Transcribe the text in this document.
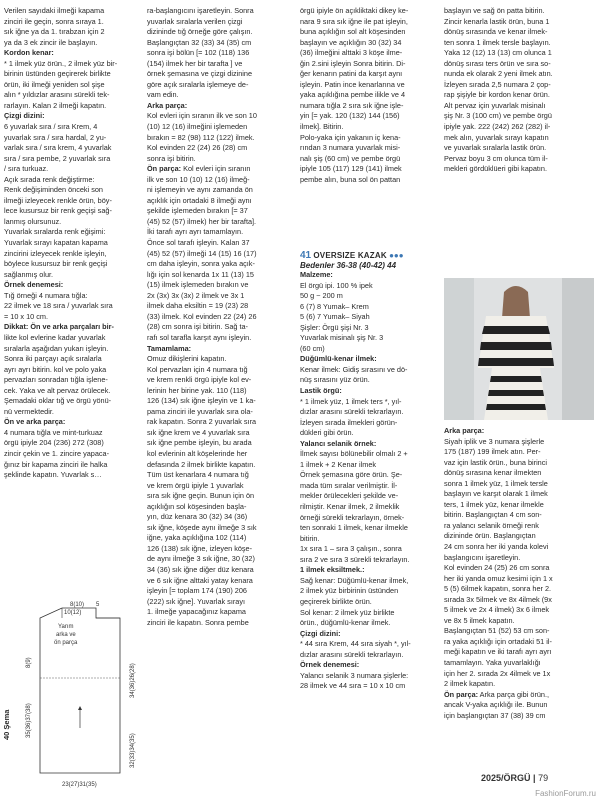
Verilen sayıdaki ilmeği kapama

zinciri ile geçin, sonra sıraya 1.

sık iğne ya da 1. tırabzan için 2

ya da 3 ek zincir ile başlayın.

Kordon kenar:

* 1 ilmek yüz örün., 2 ilmek yüz bir-

birinin üstünden geçirerek birlikte

örün, iki ilmeği yeniden sol şişe

alın * yıldızlar arasını sürekli tek-

rarlayın. Kalan 2 ilmeği kapatın.

Çizgi dizini:

6 yuvarlak sıra / sıra Krem, 4

yuvarlak sıra / sıra hardal, 2 yu-

varlak sıra / sıra krem, 4 yuvarlak

sıra / sıra pembe, 2 yuvarlak sıra

/ sıra turkuaz.

Açık sırada renk değiştirme:

Renk değişiminden önceki son

ilmeği izleyecek renkle örün, böy-

lece kusursuz bir renk geçişi sağ-

lanmış olursunuz.

Yuvarlak sıralarda renk eğişimi:

Yuvarlak sırayı kapatan kapama

zincirini izleyecek renkle işleyin,

böylece kusursuz bir renk geçişi

sağlanmış olur.

Örnek denemesi:

Tığ örneği 4 numara tığla:

22 ilmek ve 18 sıra / yuvarlak sıra

= 10 x 10 cm.

Dikkat: Ön ve arka parçaları bir-

likte kol evlerine kadar yuvarlak

sıralarla aşağıdan yukarı işleyin.

Sonra iki parçayı açık sıralarla

ayrı ayrı bitirin. kol ve polo yaka

pervazları sonradan tığla işlene-

cek. Yaka ve alt pervaz örülecek.

Şemadaki oklar tığ ve örgü yönü-

nü vermektedir.

Ön ve arka parça:

4 numara tığla ve mint-turkuaz

örgü ipiyle 204 (236) 272 (308)

zincir çekin ve 1. zincire yapaca-

ğınız bir kapama zinciri ile halka

şeklinde kapatın. Yuvarlak s…

ra-başlangıcını işaretleyin. Sonra

yuvarlak sıralarla verilen çizgi

dizininde tığ örneğe göre çalışın.

Başlangıçtan 32 (33) 34 (35) cm

sonra işi bölün [= 102 (118) 136

(154) ilmek her bir tarafta ] ve

örnek şemasına ve çizgi dizinine

göre açık sıralarla işlemeye de-

vam edin.

Arka parça:

Kol evleri için sıranın ilk ve son 10

(10) 12 (16) ilmeğini işlemeden

bırakın = 82 (98) 112 (122) ilmek.

Kol evinden 22 (24) 26 (28) cm

sonra işi bitirin.

Ön parça: Kol evleri için sıranın

ilk ve son 10 (10) 12 (16) ilmeğ-

ni işlemeyin ve aynı zamanda ön

açıklık için ortadaki 8 ilmeği aynı

şekilde işlemeden bırakın [= 37

(45) 52 (57) ilmek) her bir tarafta].

İki tarafı ayrı ayrı tamamlayın.

Önce sol tarafı işleyin. Kalan 37

(45) 52 (57) ilmeği 14 (15) 16 (17)

cm daha işleyin, sonra yaka açık-

lığı için sol kenarda 1x 11 (13) 15

(15) ilmek işlemeden bırakın ve

2x (3x) 3x (3x) 2 ilmek ve 3x 1

ilmek daha eksiltin = 19 (23) 28

(33) ilmek. Kol evinden 22 (24) 26

(28) cm sonra işi bitirin. Sağ ta-

rafı sol tarafla karşıt aynı işleyin.

Tamamlama:

Omuz dikişlerini kapatın.

Kol pervazları için 4 numara tığ

ve krem renkli örgü ipiyle kol ev-

lerinin her birine yak. 110 (118)

126 (134) sık iğne işleyin ve 1 ka-

pama zinciri ile yuvarlak sıra ola-

rak kapatın. Sonra 2 yuvarlak sıra

sık iğne krem ve 4 yuvarlak sıra

sık iğne pembe işleyin, bu arada

kol evlerinin alt köşelerinde her

defasında 2 ilmek birlikte kapatın.

Tüm üst kenarlara 4 numara tığ

ve krem örgü ipiyle 1 yuvarlak

sıra sık iğne geçin. Bunun için ön

açıklığın sol köşesinden başla-

yın, düz kenara 30 (32) 34 (36)

sık iğne, köşede aynı ilmeğe 3 sık

iğne, yaka açıklığına 102 (114)

126 (138) sık iğne, izleyen köşe-

de aynı ilmeğe 3 sık iğne, 30 (32)

34 (36) sık iğne diğer düz kenara

ve 6 sık iğne alttaki yatay kenara

işleyin [= toplam 174 (190) 206

(222) sık iğne]. Yuvarlak sırayı

1. ilmeğe yapacağınız kapama

zinciri ile kapatın. Sonra pembe

örgü ipiyle ön açıkliktaki dikey ke-

nara 9 sıra sık iğne ile pat işleyin,

buna açıklığın sol alt köşesinden

başlayın ve açıklığın 30 (32) 34

(36) ilmeğini alttaki 3 köşe ilme-

ğin 2.sini işleyin Sonra bitirin. Di-

ğer kenarın patini da karşıt aynı

işleyin. Patin ince kenarlarına ve

yaka açıklığına pembe ilikle ve 4

numara tığla 2 sıra sık iğne işle-

yin [= yak. 120 (132) 144 (156)

ilmek]. Bitirin.

Polo-yaka için yakanın iç kena-

rından 3 numara yuvarlak misi-

nalı şiş (60 cm) ve pembe örgü

ipiyle 105 (117) 129 (141) ilmek

pembe alın, buna sol ön pattan

başlayın ve sağ ön patta bitirin.

Zincir kenarla lastik örün, buna 1

dönüş sırasında ve kenar ilmek-

ten sonra 1 ilmek tersle başlayın.

Yaka 12 (12) 13 (13) cm olunca 1

dönüş sırası ters örün ve sıra so-

nunda ek olarak 2 yeni ilmek atın.

İzleyen sırada 2,5 numara 2 çop-

rap şişiyle bir kordon kenar örün.

Alt pervaz için yuvarlak misinalı

şiş Nr. 3 (100 cm) ve pembe örgü

ipiyle yak. 222 (242) 262 (282) il-

mek alın, yuvarlak sırayı kapatın

ve yuvarlak sıralarla lastik örün.

Pervaz boyu 3 cm olunca tüm il-

mekleri gördüklüeri gibi kapatın.

41 OVERSIZE KAZAK ●●●
Bedenler 36-38 (40-42) 44

Malzeme:

El örgü ipi. 100 % ipek

50 g ~ 200 m

6 (7) 8 Yumak– Krem

5 (6) 7 Yumak– Siyah

Şişler: Örgü şişi Nr. 3

Yuvarlak misinalı şiş Nr. 3

(60 cm)

Düğümlü-kenar ilmek:

Kenar ilmek: Gidiş sırasını ve dö-

nüş sırasını yüz örün.

Lastik örgü:

* 1 ilmek yüz, 1 ilmek ters *, yıl-

dızlar arasını sürekli tekrarlayın.

İzleyen sırada ilmekleri görün-

dükleri gibi örün.

Yalancı selanik örnek:

İlmek sayısı bölünebilir olmalı 2 +

1 ilmek + 2 Kenar ilmek

Örnek şemasına göre örün. Şe-

mada tüm sıralar verilmiştir. İl-

mekler örülecekleri şekilde ve-

rilmiştir. Kenar ilmek, 2 ilmeklik

örneği sürekli tekrarlayın, örnek-

ten sonraki 1 ilmek, kenar ilmekle

bitirin.

1x sıra 1 – sıra 3 çalışın., sonra

sıra 2 ve sıra 3 sürekli tekrarlayın.

1 ilmek eksiltmek.:

Sağ kenar: Düğümlü-kenar ilmek,

2 ilmek yüz birbirinin üstünden

geçirerek birlikte örün.

Sol kenar: 2 ilmek yüz birlikte

örün., düğümlü-kenar ilmek.

Çizgi dizini:

* 44 sıra Krem, 44 sıra siyah *, yıl-

dızlar arasını sürekli tekrarlayın.

Örnek denemesi:

Yalancı selanik 3 numara şişlerle:

28 ilmek ve 44 sıra = 10 x 10 cm

Arka parça:

Siyah iplik ve 3 numara şişlerle

175 (187) 199 ilmek atın. Per-

vaz için lastik örün., buna birinci

dönüş sırasına kenar ilmekten

sonra 1 ilmek yüz, 1 ilmek tersle

başlayın ve karşıt olarak 1 ilmek

ters, 1 ilmek yüz, kenar ilmekle

bitirin. Başlangıçtan 4 cm son-

ra yalancı selanik örneği renk

dizininde örün. Başlangıçtan

24 cm sonra her iki yanda kolevi

başlangıcını işaretleyin.

Kol evinden 24 (25) 26 cm sonra

her iki yanda omuz kesimi için 1 x

5 (5) 6ilmek kapatın, sonra her 2.

sırada 3x 5ilmek ve 8x 4ilmek (9x

5 ilmek ve 2x 4 ilmek) 3x 6 ilmek

ve 8x 5 ilmek kapatın.

Başlangıçtan 51 (52) 53 cm son-

ra yaka açıklığı için ortadaki 51 il-

meği kapatın ve iki tarafı ayrı ayrı

tamamlayın. Yaka yuvarlaklığı

için her 2. sırada 2x 4ilmek ve 1x

2 ilmek kapatın.

Ön parça: Arka parça gibi örün.,

ancak V-yaka açıklığı ile. Bunun

için başlangıçtan 37 (38) 39 cm

8(10) 5
10(12)
Yarım
arka ve
ön parça
8(9)
35(36)37(38)
34(36)26(28)
32(33)34(35)
23(27)31(35)
40 Şema
2025/ÖRGÜ | 79
FashionForum.ru
